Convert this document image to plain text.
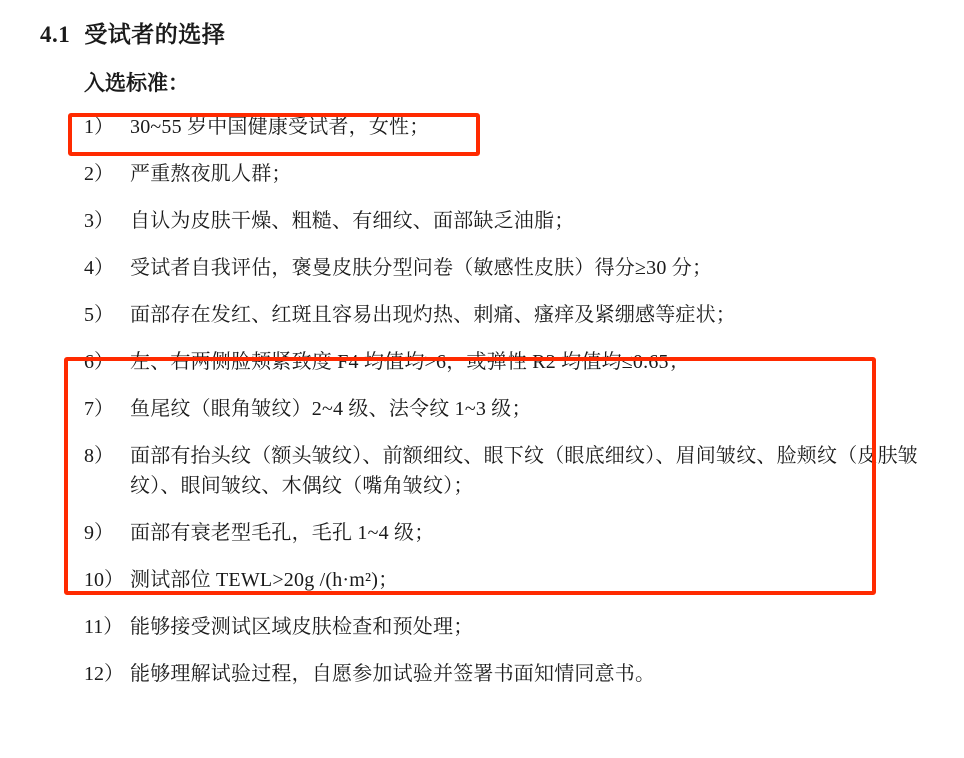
4.1 受试者的选择
入选标准：
1） 30~55 岁中国健康受试者，女性；
2） 严重熬夜肌人群；
3） 自认为皮肤干燥、粗糙、有细纹、面部缺乏油脂；
4） 受试者自我评估，褒曼皮肤分型问卷（敏感性皮肤）得分≥30 分；
5） 面部存在发红、红斑且容易出现灼热、刺痛、瘙痒及紧绷感等症状；
6） 左、右两侧脸颊紧致度 F4 均值均>6，或弹性 R2 均值均≤0.65；
7） 鱼尾纹（眼角皱纹）2~4 级、法令纹 1~3 级；
8） 面部有抬头纹（额头皱纹）、前额细纹、眼下纹（眼底细纹）、眉间皱纹、脸颊纹（皮肤皱纹）、眼间皱纹、木偶纹（嘴角皱纹）；
9） 面部有衰老型毛孔，毛孔 1~4 级；
10） 测试部位 TEWL>20g /(h·m²)；
11） 能够接受测试区域皮肤检查和预处理；
12） 能够理解试验过程，自愿参加试验并签署书面知情同意书。
